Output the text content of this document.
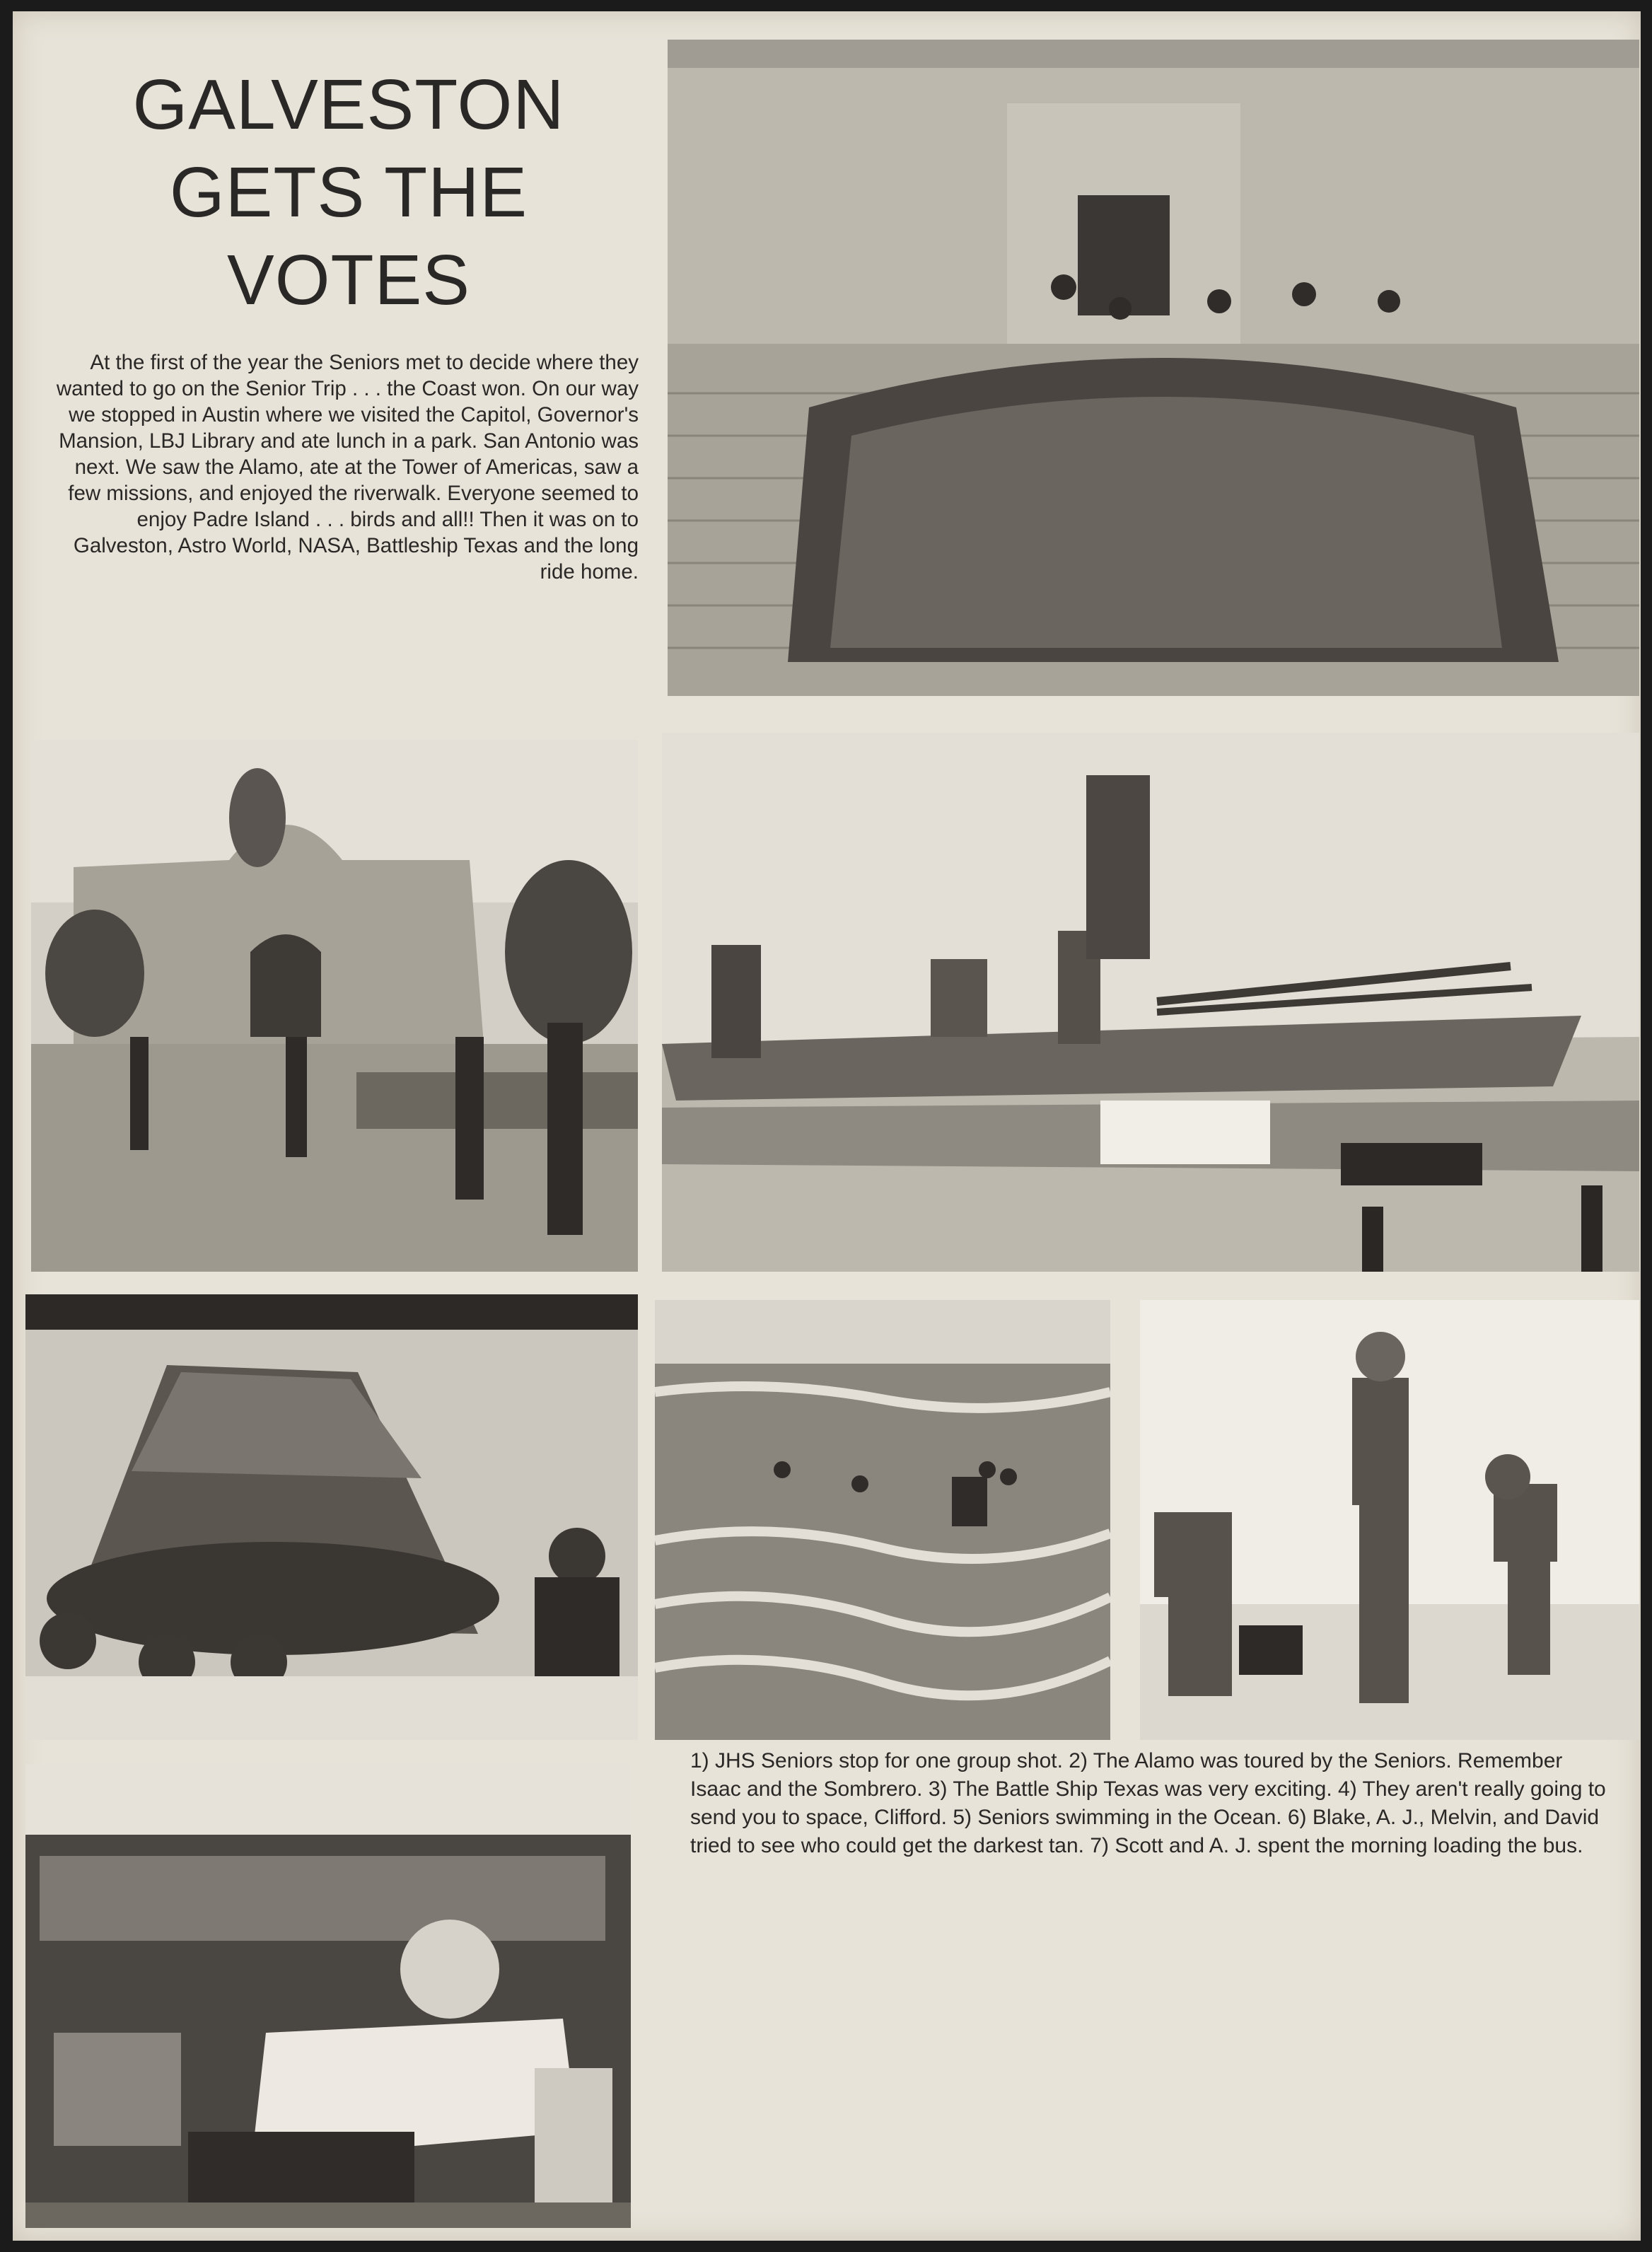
GALVESTON
GETS THE
VOTES

At the first of the year the Seniors met to decide where they wanted to go on the Senior Trip . . . the Coast won. On our way we stopped in Austin where we visited the Capitol, Governor's Mansion, LBJ Library and ate lunch in a park. San Antonio was next. We saw the Alamo, ate at the Tower of Americas, saw a few missions, and enjoyed the riverwalk. Everyone seemed to enjoy Padre Island . . . birds and all!! Then it was on to Galveston, Astro World, NASA, Battleship Texas and the long ride home.

1) JHS Seniors stop for one group shot. 2) The Alamo was toured by the Seniors. Remember Isaac and the Sombrero. 3) The Battle Ship Texas was very exciting. 4) They aren't really going to send you to space, Clifford. 5) Seniors swimming in the Ocean. 6) Blake, A. J., Melvin, and David tried to see who could get the darkest tan. 7) Scott and A. J. spent the morning loading the bus.
